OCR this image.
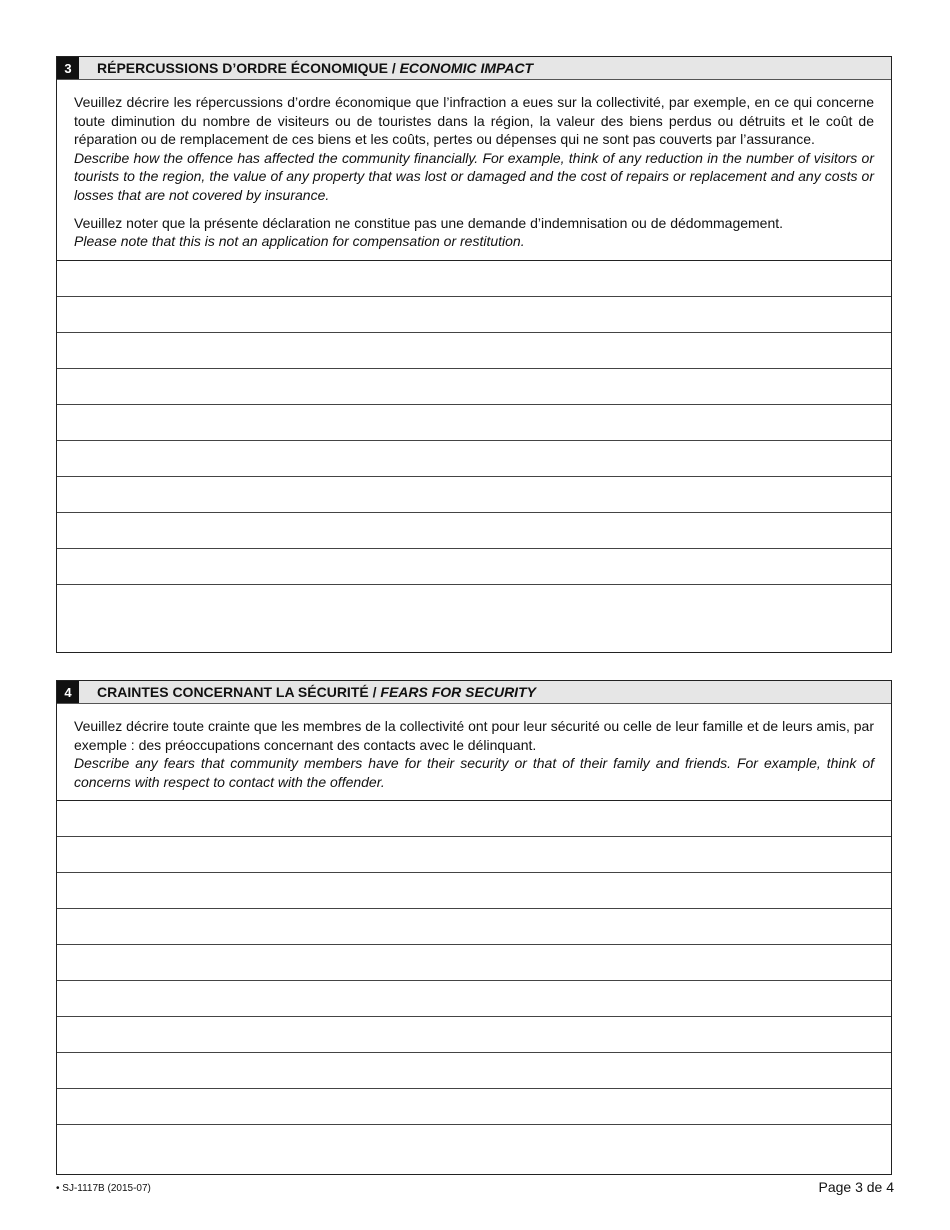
3	RÉPERCUSSIONS D’ORDRE ÉCONOMIQUE / ECONOMIC IMPACT

Veuillez décrire les répercussions d’ordre économique que l’infraction a eues sur la collectivité, par exemple, en ce qui concerne toute diminution du nombre de visiteurs ou de touristes dans la région, la valeur des biens perdus ou détruits et le coût de réparation ou de remplacement de ces biens et les coûts, pertes ou dépenses qui ne sont pas couverts par l’assurance.
Describe how the offence has affected the community financially. For example, think of any reduction in the number of visitors or tourists to the region, the value of any property that was lost or damaged and the cost of repairs or replacement and any costs or losses that are not covered by insurance.

Veuillez noter que la présente déclaration ne constitue pas une demande d’indemnisation ou de dédommagement.
Please note that this is not an application for compensation or restitution.

4	CRAINTES CONCERNANT LA SÉCURITÉ / FEARS FOR SECURITY

Veuillez décrire toute crainte que les membres de la collectivité ont pour leur sécurité ou celle de leur famille et de leurs amis, par exemple : des préoccupations concernant des contacts avec le délinquant.
Describe any fears that community members have for their security or that of their family and friends. For example, think of concerns with respect to contact with the offender.

• SJ-1117B (2015-07)	Page 3 de 4
